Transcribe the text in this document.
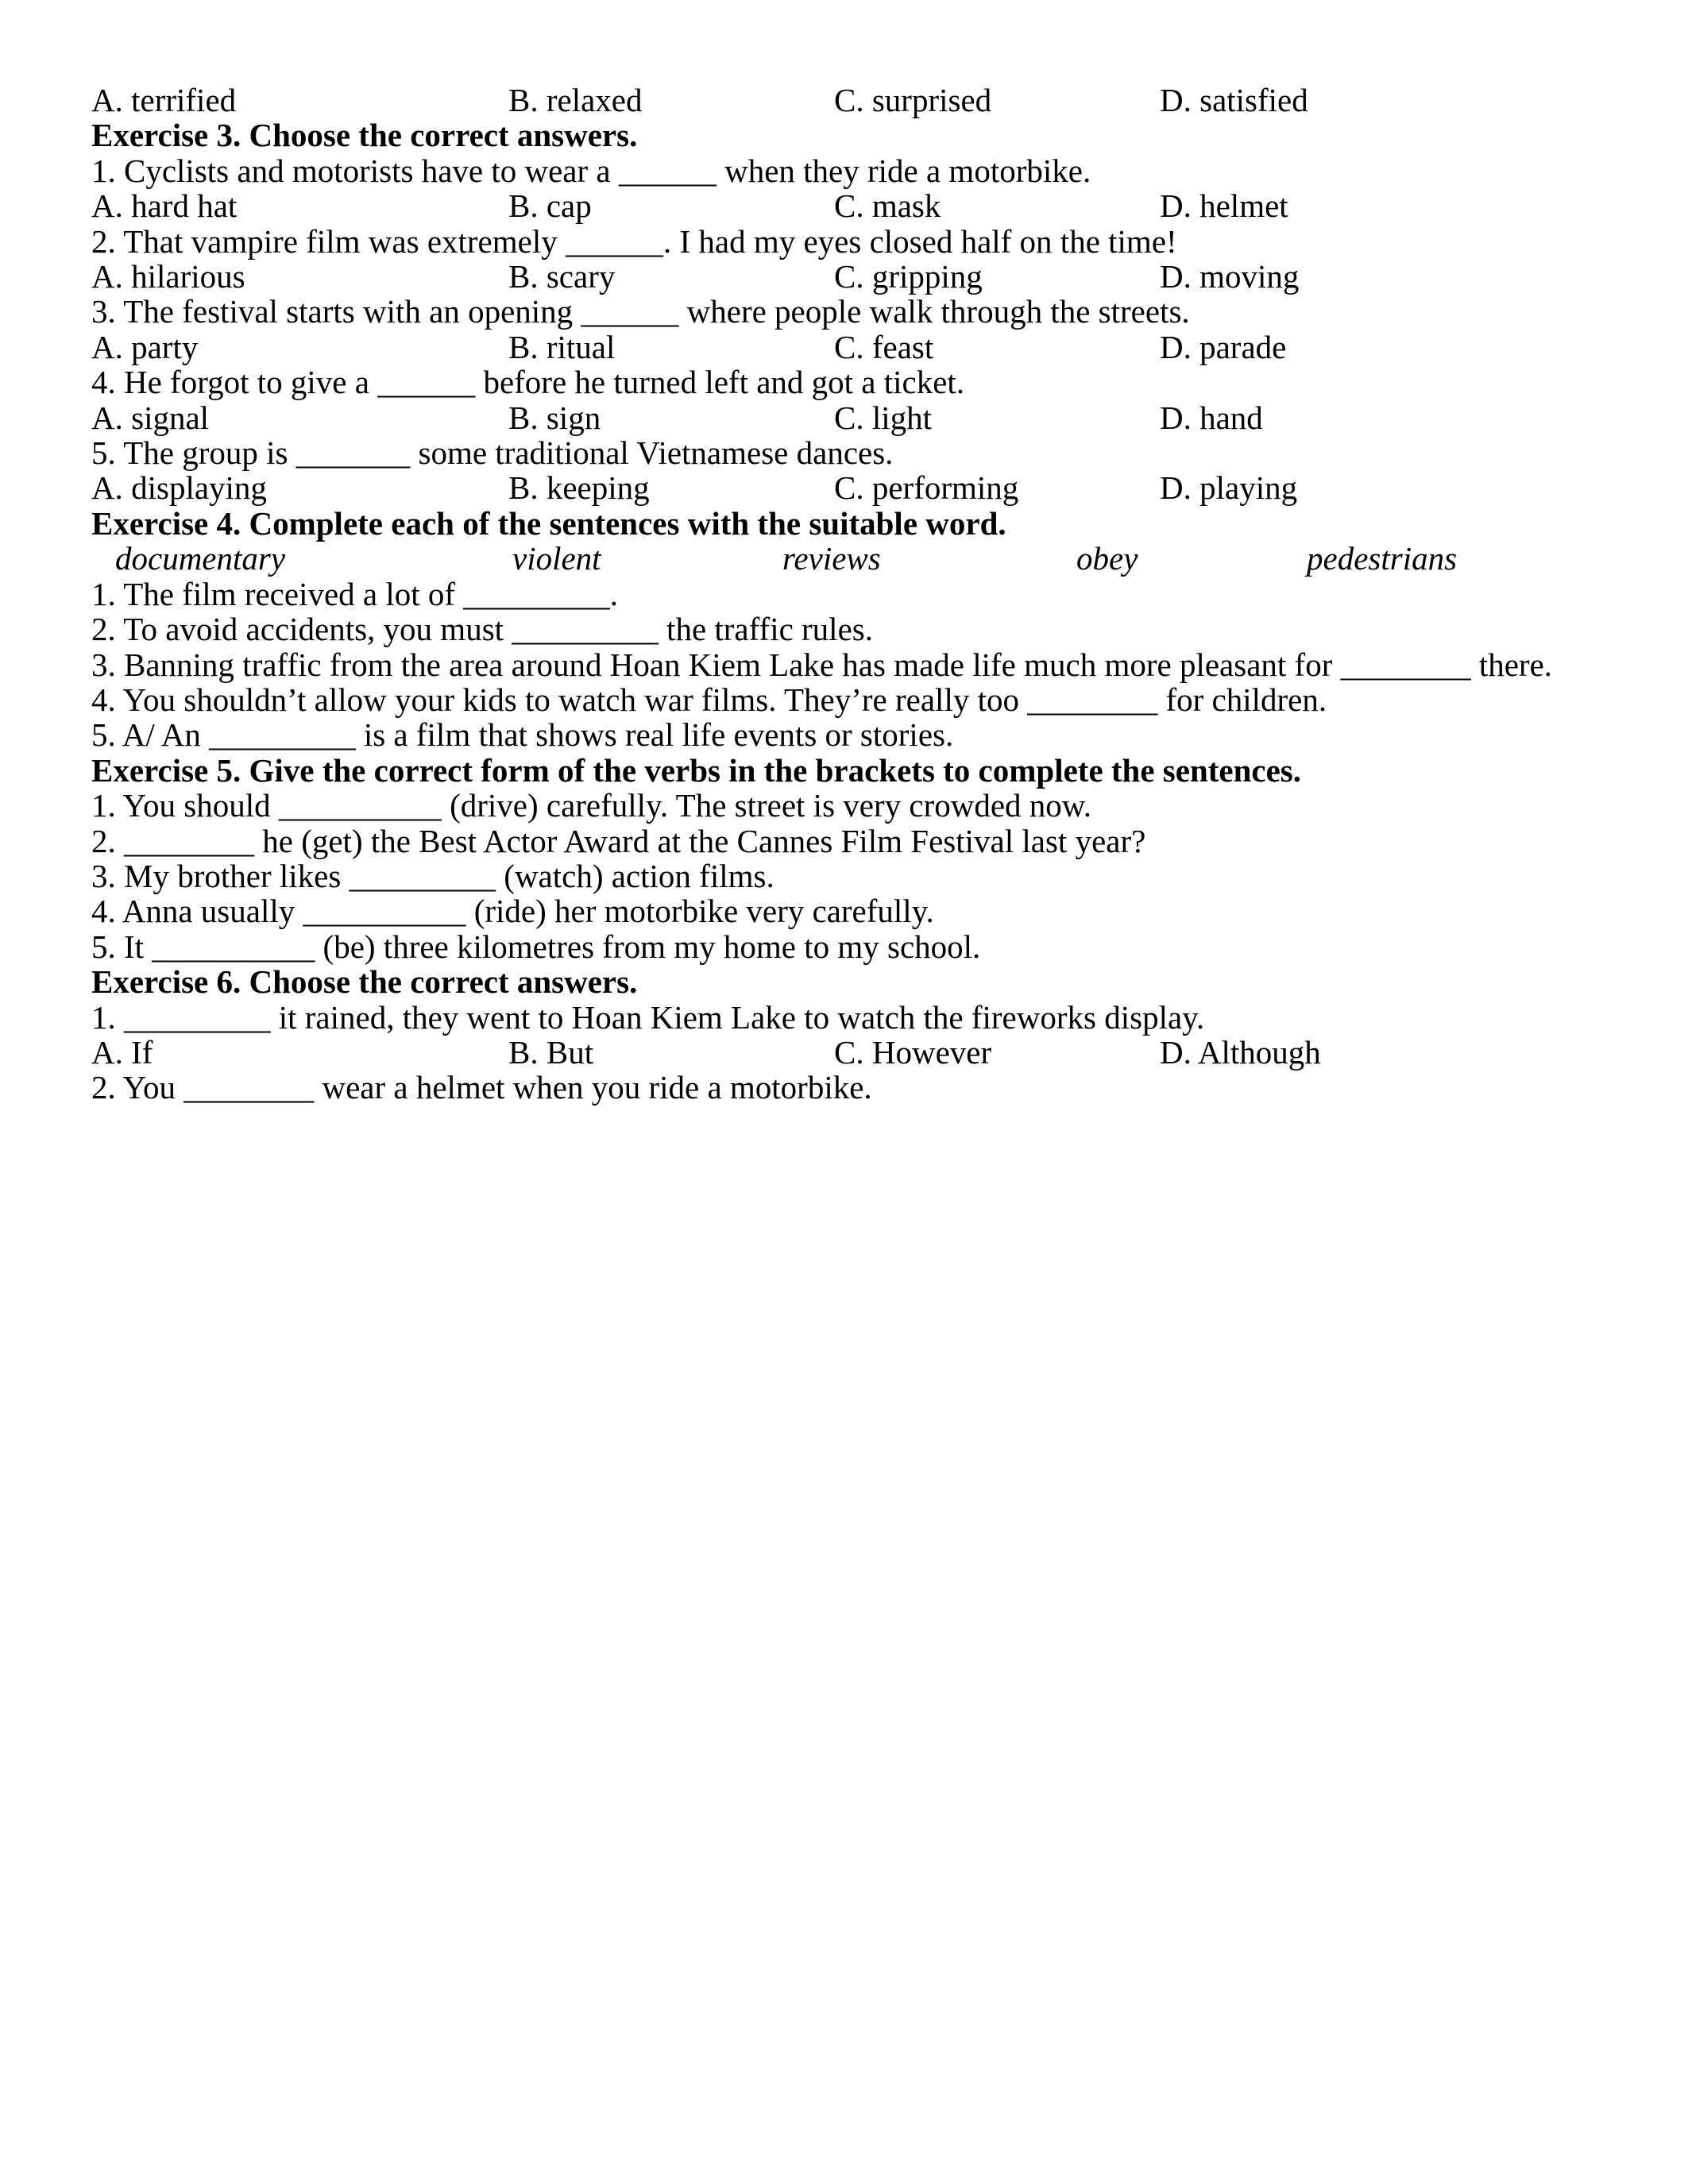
A. terrified	B. relaxed	C. surprised	D. satisfied

Exercise 3. Choose the correct answers.

1. Cyclists and motorists have to wear a ______ when they ride a motorbike.

A. hard hat	B. cap	C. mask	D. helmet

2. That vampire film was extremely ______. I had my eyes closed half on the time!

A. hilarious	B. scary	C. gripping	D. moving

3. The festival starts with an opening ______ where people walk through the streets.

A. party	B. ritual	C. feast	D. parade

4. He forgot to give a ______ before he turned left and got a ticket.

A. signal	B. sign	C. light	D. hand

5. The group is _______ some traditional Vietnamese dances.

A. displaying	B. keeping	C. performing	D. playing

Exercise 4. Complete each of the sentences with the suitable word.

documentary	violent	reviews	obey	pedestrians

1. The film received a lot of _________.

2. To avoid accidents, you must _________ the traffic rules.

3. Banning traffic from the area around Hoan Kiem Lake has made life much more pleasant for ________ there.

4. You shouldn’t allow your kids to watch war films. They’re really too ________ for children.

5. A/ An _________ is a film that shows real life events or stories.

Exercise 5. Give the correct form of the verbs in the brackets to complete the sentences.

1. You should __________ (drive) carefully. The street is very crowded now.

2. ________ he (get) the Best Actor Award at the Cannes Film Festival last year?

3. My brother likes _________ (watch) action films.

4. Anna usually __________ (ride) her motorbike very carefully.

5. It __________ (be) three kilometres from my home to my school.

Exercise 6. Choose the correct answers.

1. _________ it rained, they went to Hoan Kiem Lake to watch the fireworks display.

A. If	B. But	C. However	D. Although

2. You ________ wear a helmet when you ride a motorbike.
